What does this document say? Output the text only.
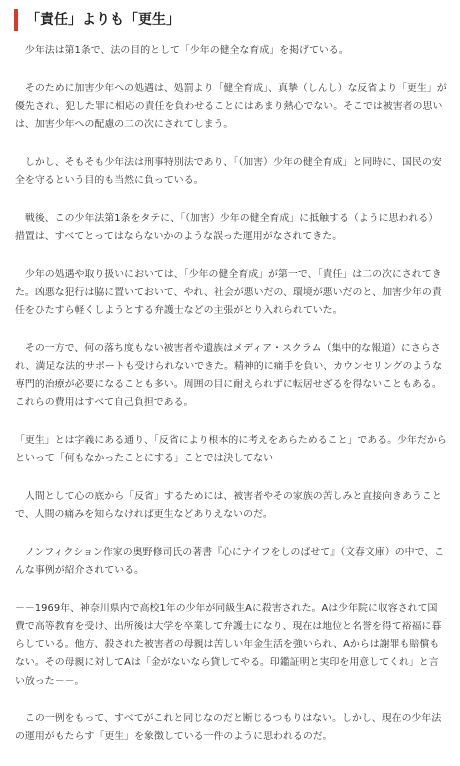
「責任」よりも「更生」

　少年法は第1条で、法の目的として「少年の健全な育成」を掲げている。

　そのために加害少年への処遇は、処罰より「健全育成」、真摯（しんし）な反省より「更生」が優先され、犯した罪に相応の責任を負わせることにはあまり熱心でない。そこでは被害者の思いは、加害少年への配慮の二の次にされてしまう。

　しかし、そもそも少年法は刑事特別法であり、「（加害）少年の健全育成」と同時に、国民の安全を守るという目的も当然に負っている。

　戦後、この少年法第1条をタテに、「（加害）少年の健全育成」に抵触する（ように思われる）措置は、すべてとってはならないかのような誤った運用がなされてきた。

　少年の処遇や取り扱いにおいては、「少年の健全育成」が第一で、「責任」は二の次にされてきた。凶悪な犯行は脇に置いておいて、やれ、社会が悪いだの、環境が悪いだのと、加害少年の責任をひたすら軽くしようとする弁護士などの主張がとり入れられていた。

　その一方で、何の落ち度もない被害者や遺族はメディア・スクラム（集中的な報道）にさらされ、満足な法的サポートも受けられないできた。精神的に痛手を負い、カウンセリングのような専門的治療が必要になることも多い。周囲の目に耐えられずに転居せざるを得ないこともある。これらの費用はすべて自己負担である。

「更生」とは字義にある通り、「反省により根本的に考えをあらためること」である。少年だからといって「何もなかったことにする」ことでは決してない

　人間として心の底から「反省」するためには、被害者やその家族の苦しみと直接向きあうことで、人間の痛みを知らなければ更生などありえないのだ。

　ノンフィクション作家の奥野修司氏の著書『心にナイフをしのばせて』（文春文庫）の中で、こんな事例が紹介されている。

－－1969年、神奈川県内で高校1年の少年が同級生Aに殺害された。Aは少年院に収容されて国費で高等教育を受け、出所後は大学を卒業して弁護士になり、現在は地位と名誉を得て裕福に暮らしている。他方、殺された被害者の母親は苦しい年金生活を強いられ、Aからは謝罪も賠償もない。その母親に対してAは「金がないなら貸してやる。印鑑証明と実印を用意してくれ」と言い放った－－。

　この一例をもって、すべてがこれと同じなのだと断じるつもりはない。しかし、現在の少年法の運用がもたらす「更生」を象徴している一件のように思われるのだ。
